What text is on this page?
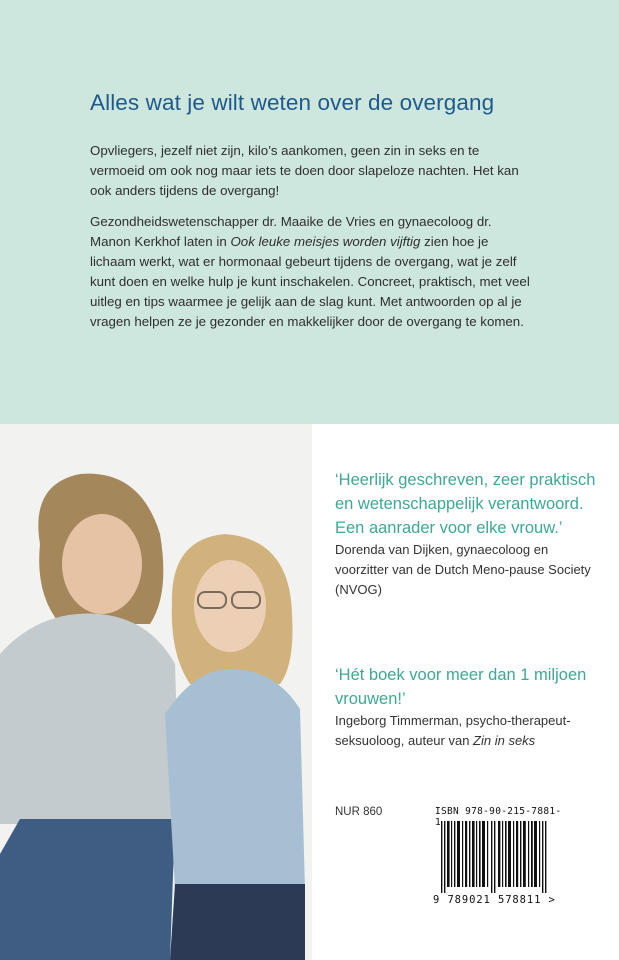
Alles wat je wilt weten over de overgang

Opvliegers, jezelf niet zijn, kilo’s aankomen, geen zin in seks en te vermoeid om ook nog maar iets te doen door slapeloze nachten. Het kan ook anders tijdens de overgang!

Gezondheidswetenschapper dr. Maaike de Vries en gynaecoloog dr. Manon Kerkhof laten in Ook leuke meisjes worden vijftig zien hoe je lichaam werkt, wat er hormonaal gebeurt tijdens de overgang, wat je zelf kunt doen en welke hulp je kunt inschakelen. Concreet, praktisch, met veel uitleg en tips waarmee je gelijk aan de slag kunt. Met antwoorden op al je vragen helpen ze je gezonder en makkelijker door de overgang te komen.

‘Heerlijk geschreven, zeer praktisch en wetenschappelijk verantwoord. Een aanrader voor elke vrouw.’

Dorenda van Dijken, gynaecoloog en voorzitter van de Dutch Meno-pause Society (NVOG)

‘Hét boek voor meer dan 1 miljoen vrouwen!’

Ingeborg Timmerman, psycho-therapeut-seksuoloog, auteur van Zin in seks

NUR 860	ISBN 978-90-215-7881-1
9 789021 578811 >
